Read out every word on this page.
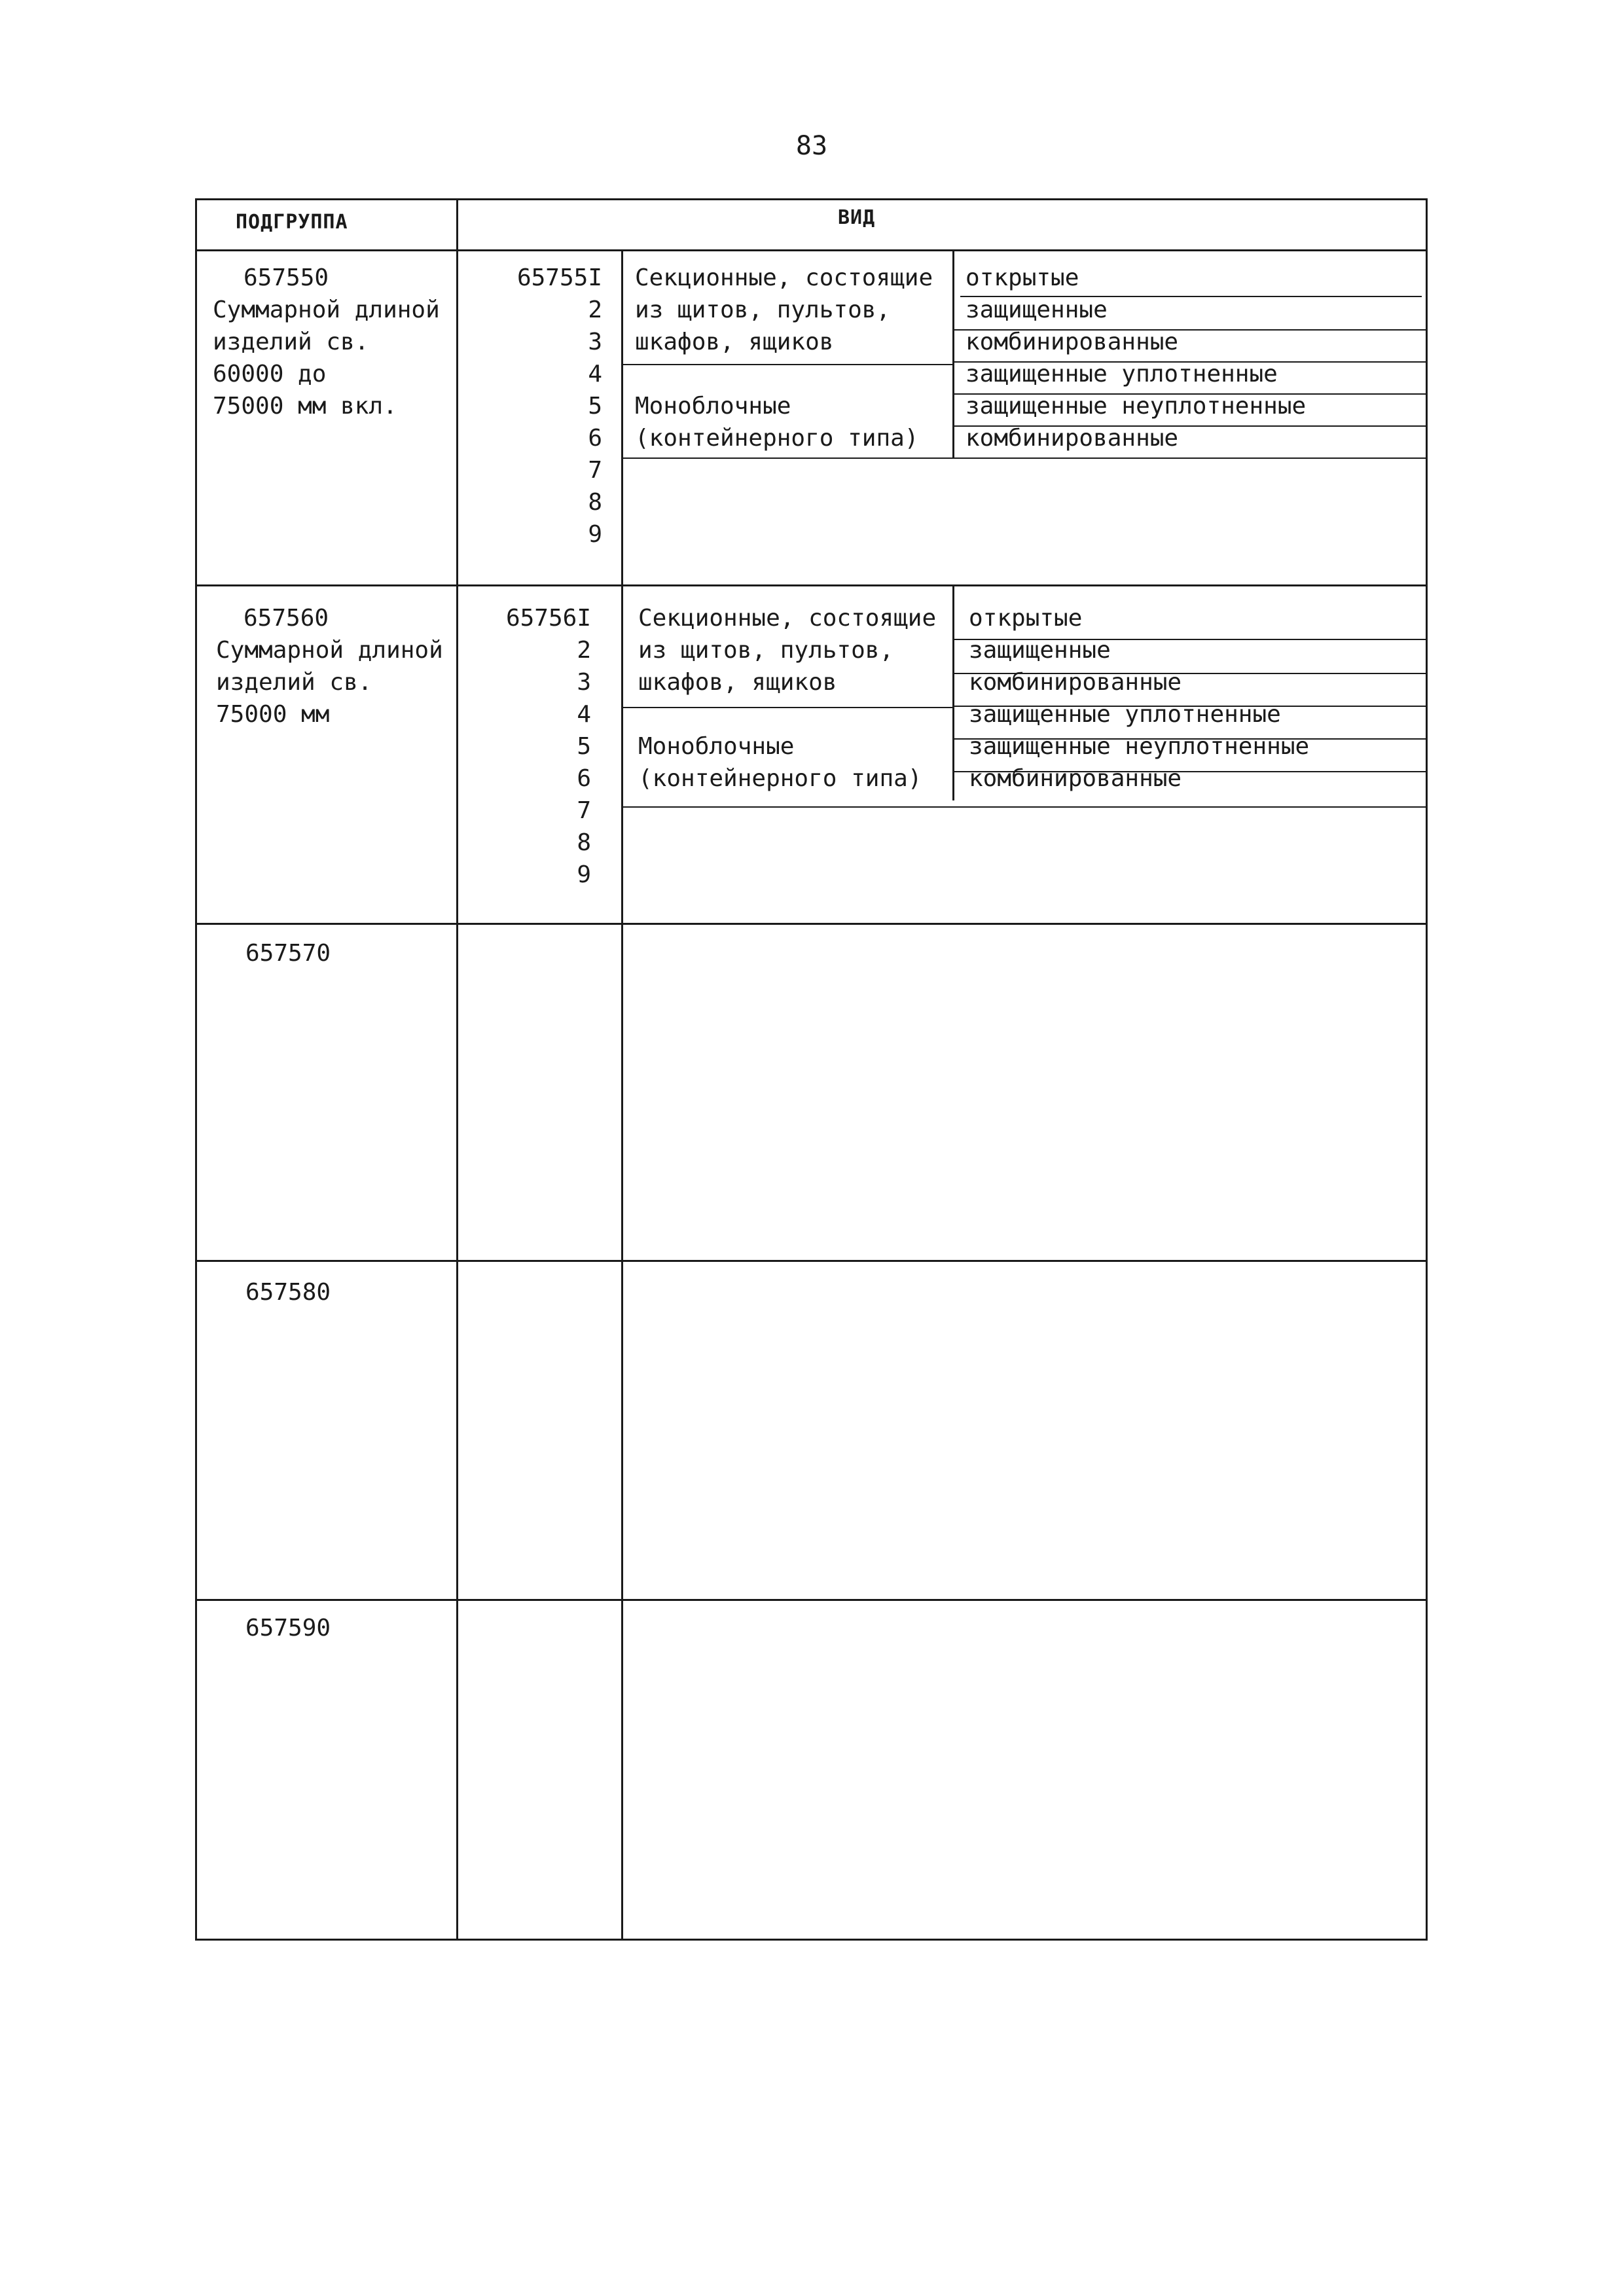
83
ПОДГРУППА	ВИД
657550
Суммарной длиной
изделий св.
60000 до
75000 мм вкл.
65755I
2
3
4
5
6
7
8
9
Секционные, состоящие
из щитов, пультов,
шкафов, ящиков
Моноблочные
(контейнерного типа)
открытые
защищенные
комбинированные
защищенные уплотненные
защищенные неуплотненные
комбинированные
657560
Суммарной длиной
изделий св.
75000 мм
65756I
2
3
4
5
6
7
8
9
Секционные, состоящие
из щитов, пультов,
шкафов, ящиков
Моноблочные
(контейнерного типа)
открытые
защищенные
комбинированные
защищенные уплотненные
защищенные неуплотненные
комбинированные
657570
657580
657590
